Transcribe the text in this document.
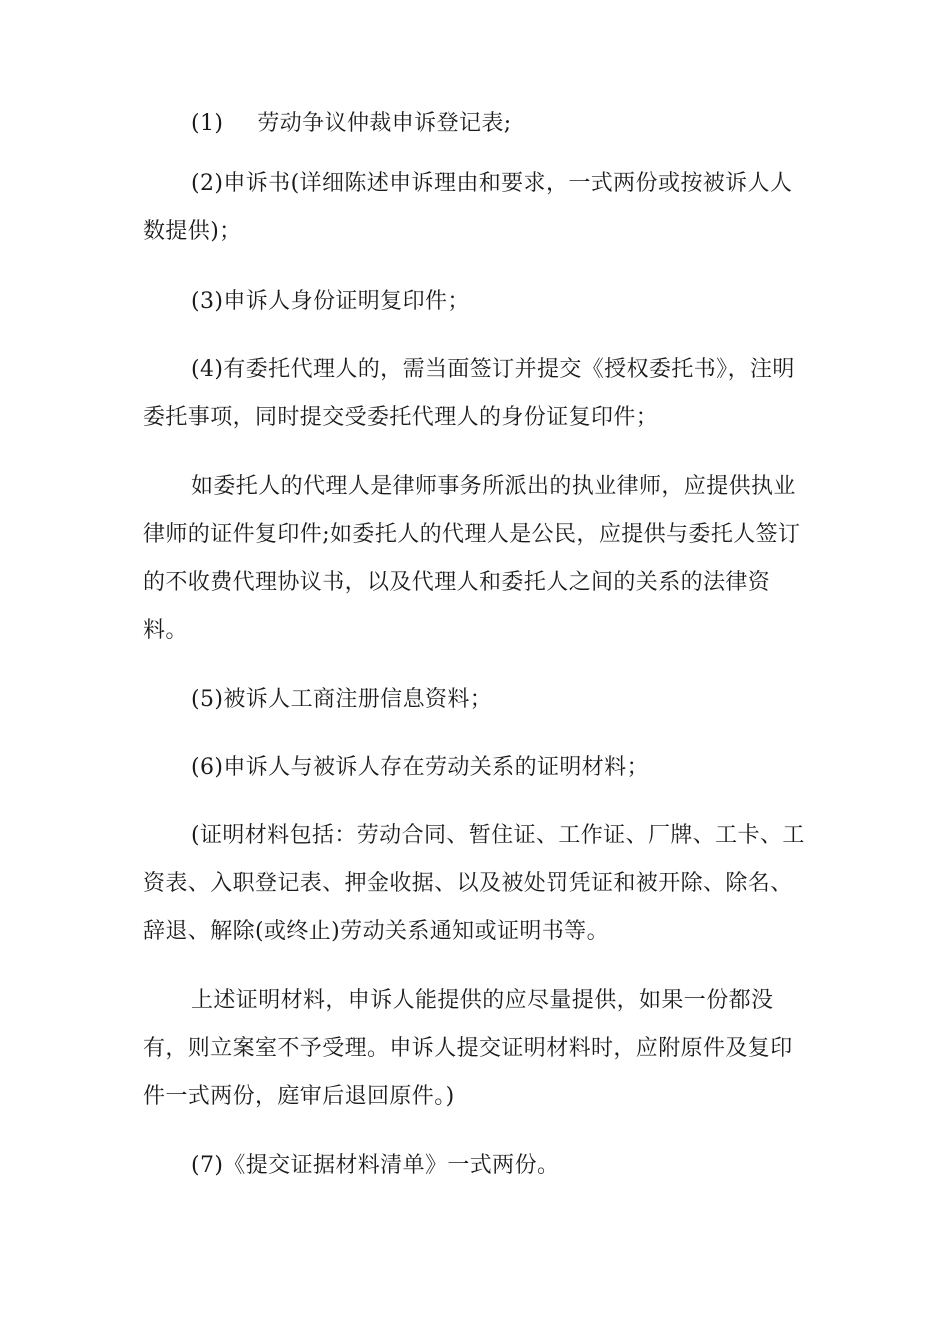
(1) 劳动争议仲裁申诉登记表;

(2)申诉书(详细陈述申诉理由和要求，一式两份或按被诉人人数提供)；

(3)申诉人身份证明复印件；

(4)有委托代理人的，需当面签订并提交《授权委托书》，注明委托事项，同时提交受委托代理人的身份证复印件；

如委托人的代理人是律师事务所派出的执业律师，应提供执业律师的证件复印件;如委托人的代理人是公民，应提供与委托人签订的不收费代理协议书，以及代理人和委托人之间的关系的法律资料。

(5)被诉人工商注册信息资料；

(6)申诉人与被诉人存在劳动关系的证明材料；

(证明材料包括：劳动合同、暂住证、工作证、厂牌、工卡、工资表、入职登记表、押金收据、以及被处罚凭证和被开除、除名、辞退、解除(或终止)劳动关系通知或证明书等。

上述证明材料，申诉人能提供的应尽量提供，如果一份都没有，则立案室不予受理。申诉人提交证明材料时，应附原件及复印件一式两份，庭审后退回原件。)

(7)《提交证据材料清单》一式两份。
